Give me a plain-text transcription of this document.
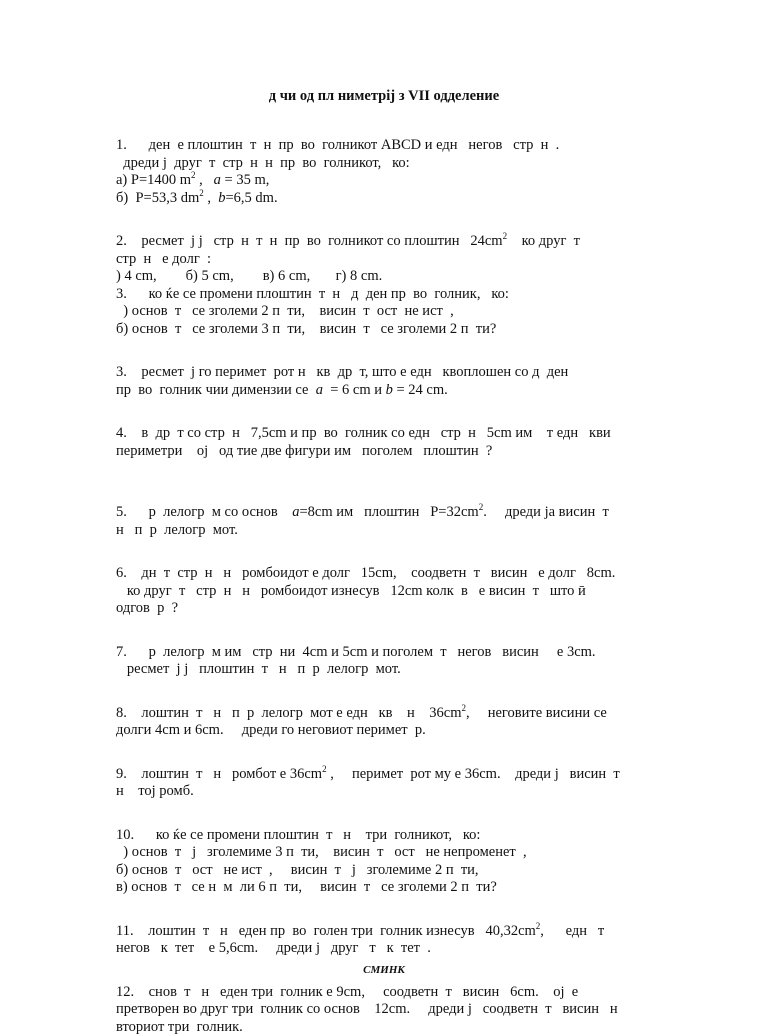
д чи од пл ниметрij з VII одделение
1.      ден  е плоштин  т  н  пр  во  голникот ABCD и едн   негов   стр  н  .
дреди j  друг  т  стр  н  н  пр  во  голникот,   ко:
а) P=1400 $m^2$ ,   a = 35 m,
б)  P=53,3 $dm^2$ ,  b=6,5 dm.
2.    ресмет  j j   стр  н  т  н  пр  во  голникот со плоштин   $24cm^2$    ко друг  т
стр  н   е долг  :
) 4 cm,        б) 5 cm,        в) 6 cm,       г) 8 cm.
3.      ко ќе се промени плоштин  т  н   д  ден пр  во  голник,   ко:
) основ  т   се зголеми 2 п  ти,    висин  т  ост  не ист  ,
б) основ  т   се зголеми 3 п  ти,    висин  т   се зголеми 2 п  ти?
3.    ресмет  j го перимет  рот н   кв  др  т, што е едн   квоплошен со д  ден
пр  во  голник чии димензии се  a  = 6 cm и b = 24 cm.
4.    в  др  т со стр  н   7,5cm и пр  во  голник со едн   стр  н   5cm им    т едн   кви
периметри    оj   од тие две фигури им   поголем   плоштин  ?
5.      р  лелогр  м со основ    a=8cm им   плоштин   $P=32cm^2$.     дреди jа висин  т
н   п  р  лелогр  мот.
6.    дн  т  стр  н   н   ромбоидот е долг   15cm,    соодветн  т   висин   е долг   8cm.
ко друг  т   стр  н   н   ромбоидот изнесув   12cm колк  в   е висин  т   што ӣ
одгов  р  ?
7.      р  лелогр  м им   стр  ни  4cm и 5cm и поголем  т   негов   висин     е 3cm.
ресмет  j j   плоштин  т   н   п  р  лелогр  мот.
8.    лоштин  т   н   п  р  лелогр  мот е едн   кв    н    $36cm^2$,     неговите висини се
долги 4cm и 6cm.     дреди го неговиот перимет  р.
9.    лоштин  т   н   ромбот е $36cm^2$ ,     перимет  рот му е 36cm.    дреди j   висин  т
н    тоj ромб.
10.      ко ќе се промени плоштин  т   н    три  голникот,   ко:
) основ  т   j   зголемиме 3 п  ти,    висин  т   ост   не непроменет  ,
б) основ  т   ост   не ист  ,     висин  т   j   зголемиме 2 п  ти,
в) основ  т   се н  м  ли 6 п  ти,     висин  т   се зголеми 2 п  ти?
11.    лоштин  т   н   еден пр  во  голен три  голник изнесув   $40,32cm^2$,      едн   т
негов   к  тет    е 5,6cm.     дреди j   друг   т   к  тет  .
12.    снов  т   н   еден три  голник е 9cm,     соодветн  т   висин   6cm.    оj  е
претворен во друг три  голник со основ    12cm.     дреди j   соодветн  т   висин   н
вториот три  голник.
СМИНК
